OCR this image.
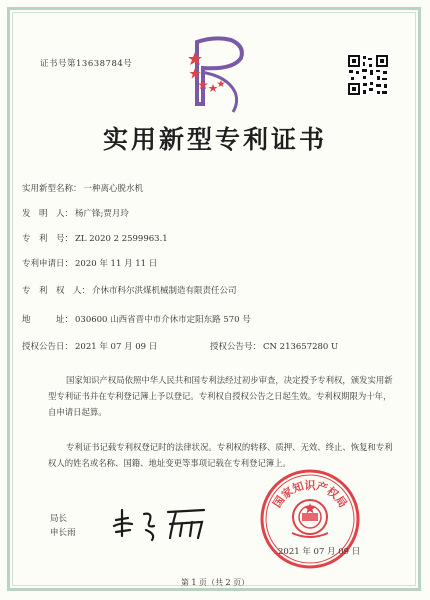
证书号第13638784号
实用新型专利证书
实用新型名称： 一种离心脱水机
发　明　人： 杨广锋;贾月玲
专　利　号： ZL 2020 2 2599963.1
专利申请日： 2020 年 11 月 11 日
专　利　权　人： 介休市科尔洪煤机械制造有限责任公司
地　　　址： 030600 山西省晋中市介休市定阳东路 570 号
授权公告日： 2021 年 07 月 09 日	授权公告号： CN 213657280 U
国家知识产权局依照中华人民共和国专利法经过初步审查，决定授予专利权，颁发实用新型专利证书并在专利登记簿上予以登记。专利权自授权公告之日起生效。专利权期限为十年，自申请日起算。
专利证书记载专利权登记时的法律状况。专利权的转移、质押、无效、终止、恢复和专利权人的姓名或名称、国籍、地址变更等事项记载在专利登记簿上。
局长
申长雨
国家知识产权局
2021 年 07 月 09 日
第 1 页（共 2 页）
